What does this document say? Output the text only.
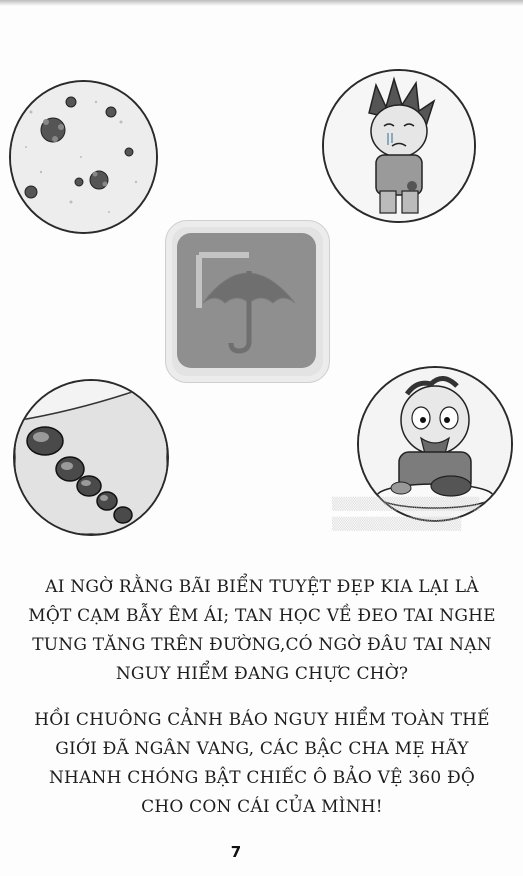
▒▒▒▒▒▒▒▒▒▒▒▒▒▒▒▒
▒▒▒▒▒▒▒▒▒▒▒▒▒▒

AI NGỜ RẰNG BÃI BIỂN TUYỆT ĐẸP KIA LẠI LÀ
MỘT CẠM BẪY ÊM ÁI; TAN HỌC VỀ ĐEO TAI NGHE
TUNG TĂNG TRÊN ĐƯỜNG,CÓ NGỜ ĐÂU TAI NẠN
NGUY HIỂM ĐANG CHỰC CHỜ?

HỒI CHUÔNG CẢNH BÁO NGUY HIỂM TOÀN THẾ
GIỚI ĐÃ NGÂN VANG, CÁC BẬC CHA MẸ HÃY
NHANH CHÓNG BẬT CHIẾC Ô BẢO VỆ 360 ĐỘ
CHO CON CÁI CỦA MÌNH!

7
